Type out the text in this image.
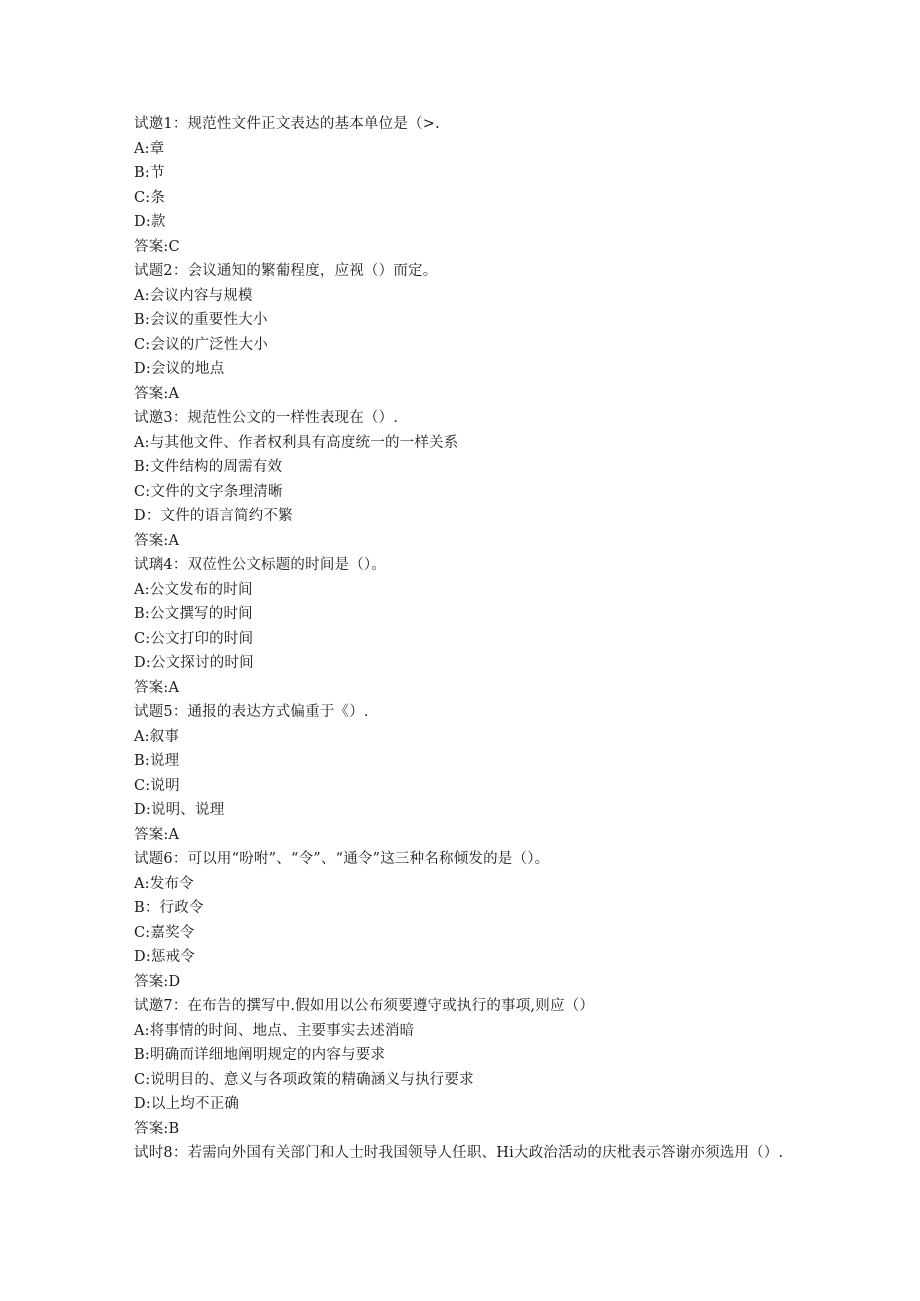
试邀1：规范性文件正文表达的基本单位是（>.
A:章
B:节
C:条
D:款
答案:C
试题2：会议通知的繁葡程度，应视（）而定。
A:会议内容与规模
B:会议的重要性大小
C:会议的广泛性大小
D:会议的地点
答案:A
试邀3：规范性公文的一样性表现在（）.
A:与其他文件、作者权利具有高度统一的一样关系
B:文件结构的周需有效
C:文件的文字条理清晰
D：文件的语言简约不繁
答案:A
试璃4：双莅性公文标题的时间是（）。
A:公文发布的时间
B:公文撰写的时间
C:公文打印的时间
D:公文探讨的时间
答案:A
试题5：通报的表达方式偏重于《）.
A:叙事
B:说理
C:说明
D:说明、说理
答案:A
试题6：可以用“吩咐”、“令”、“通令”这三种名称倾发的是（）。
A:发布令
B：行政令
C:嘉奖令
D:惩戒令
答案:D
试邀7：在布告的撰写中.假如用以公布须要遵守或执行的事项,则应（）
A:将事情的时间、地点、主要事实去述消暗
B:明确而详细地阐明规定的内容与要求
C:说明目的、意义与各项政策的精确涵义与执行要求
D:以上均不正确
答案:B
试时8：若需向外国有关部门和人士时我国领导人任职、Hi大政治活动的庆枇表示答谢亦须选用（）.
